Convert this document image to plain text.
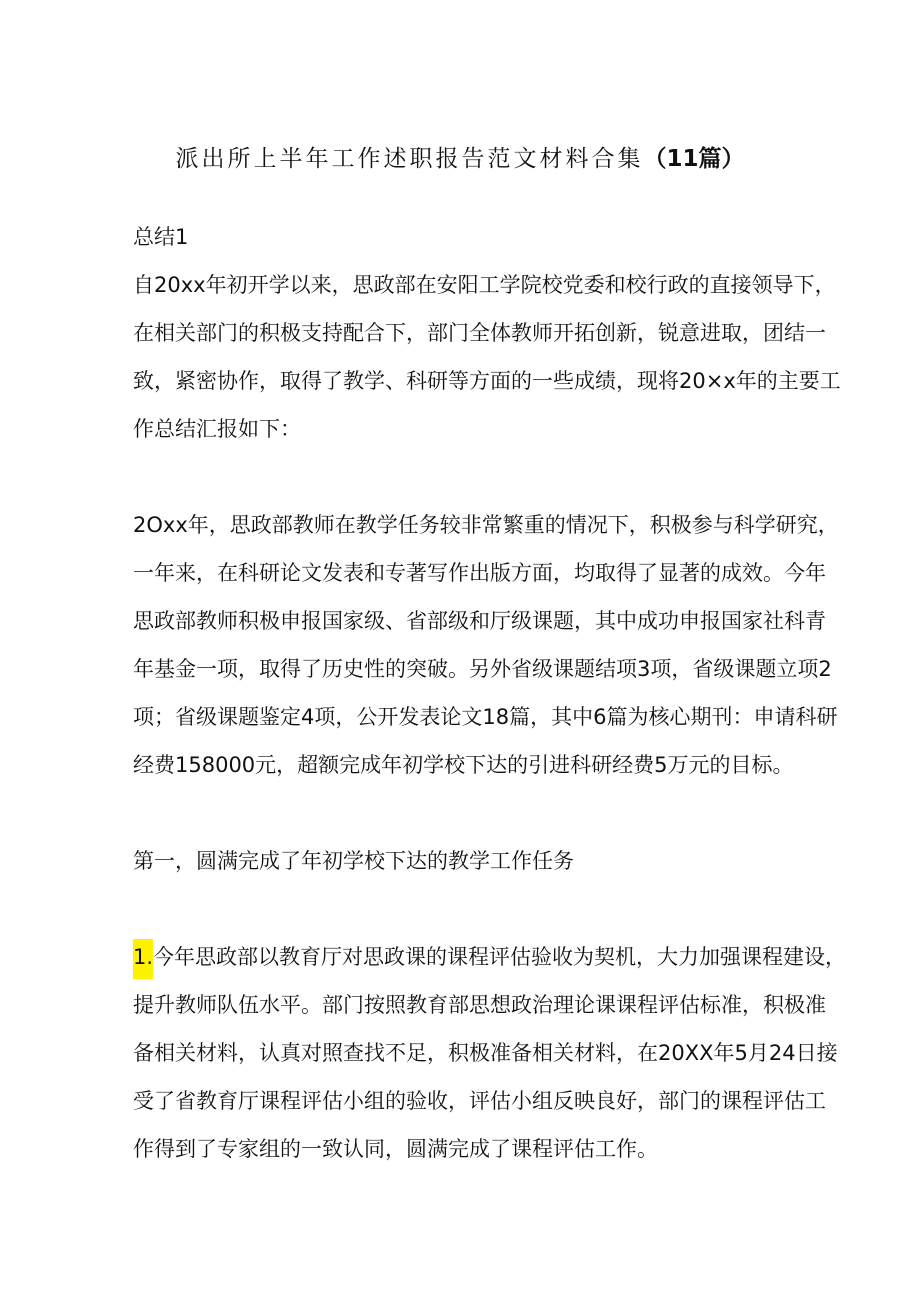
派出所上半年工作述职报告范文材料合集（11篇）
总结1
自20xx年初开学以来，思政部在安阳工学院校党委和校行政的直接领导下，
在相关部门的积极支持配合下，部门全体教师开拓创新，锐意进取，团结一
致，紧密协作，取得了教学、科研等方面的一些成绩，现将20×x年的主要工
作总结汇报如下：
2Oxx年，思政部教师在教学任务较非常繁重的情况下，积极参与科学研究，
一年来，在科研论文发表和专著写作出版方面，均取得了显著的成效。今年
思政部教师积极申报国家级、省部级和厅级课题，其中成功申报国家社科青
年基金一项，取得了历史性的突破。另外省级课题结项3项，省级课题立项2
项；省级课题鉴定4项，公开发表论文18篇，其中6篇为核心期刊：申请科研
经费158000元，超额完成年初学校下达的引进科研经费5万元的目标。
第一，圆满完成了年初学校下达的教学工作任务
1.今年思政部以教育厅对思政课的课程评估验收为契机，大力加强课程建设，
提升教师队伍水平。部门按照教育部思想政治理论课课程评估标准，积极准
备相关材料，认真对照查找不足，积极准备相关材料，在20XX年5月24日接
受了省教育厅课程评估小组的验收，评估小组反映良好，部门的课程评估工
作得到了专家组的一致认同，圆满完成了课程评估工作。
